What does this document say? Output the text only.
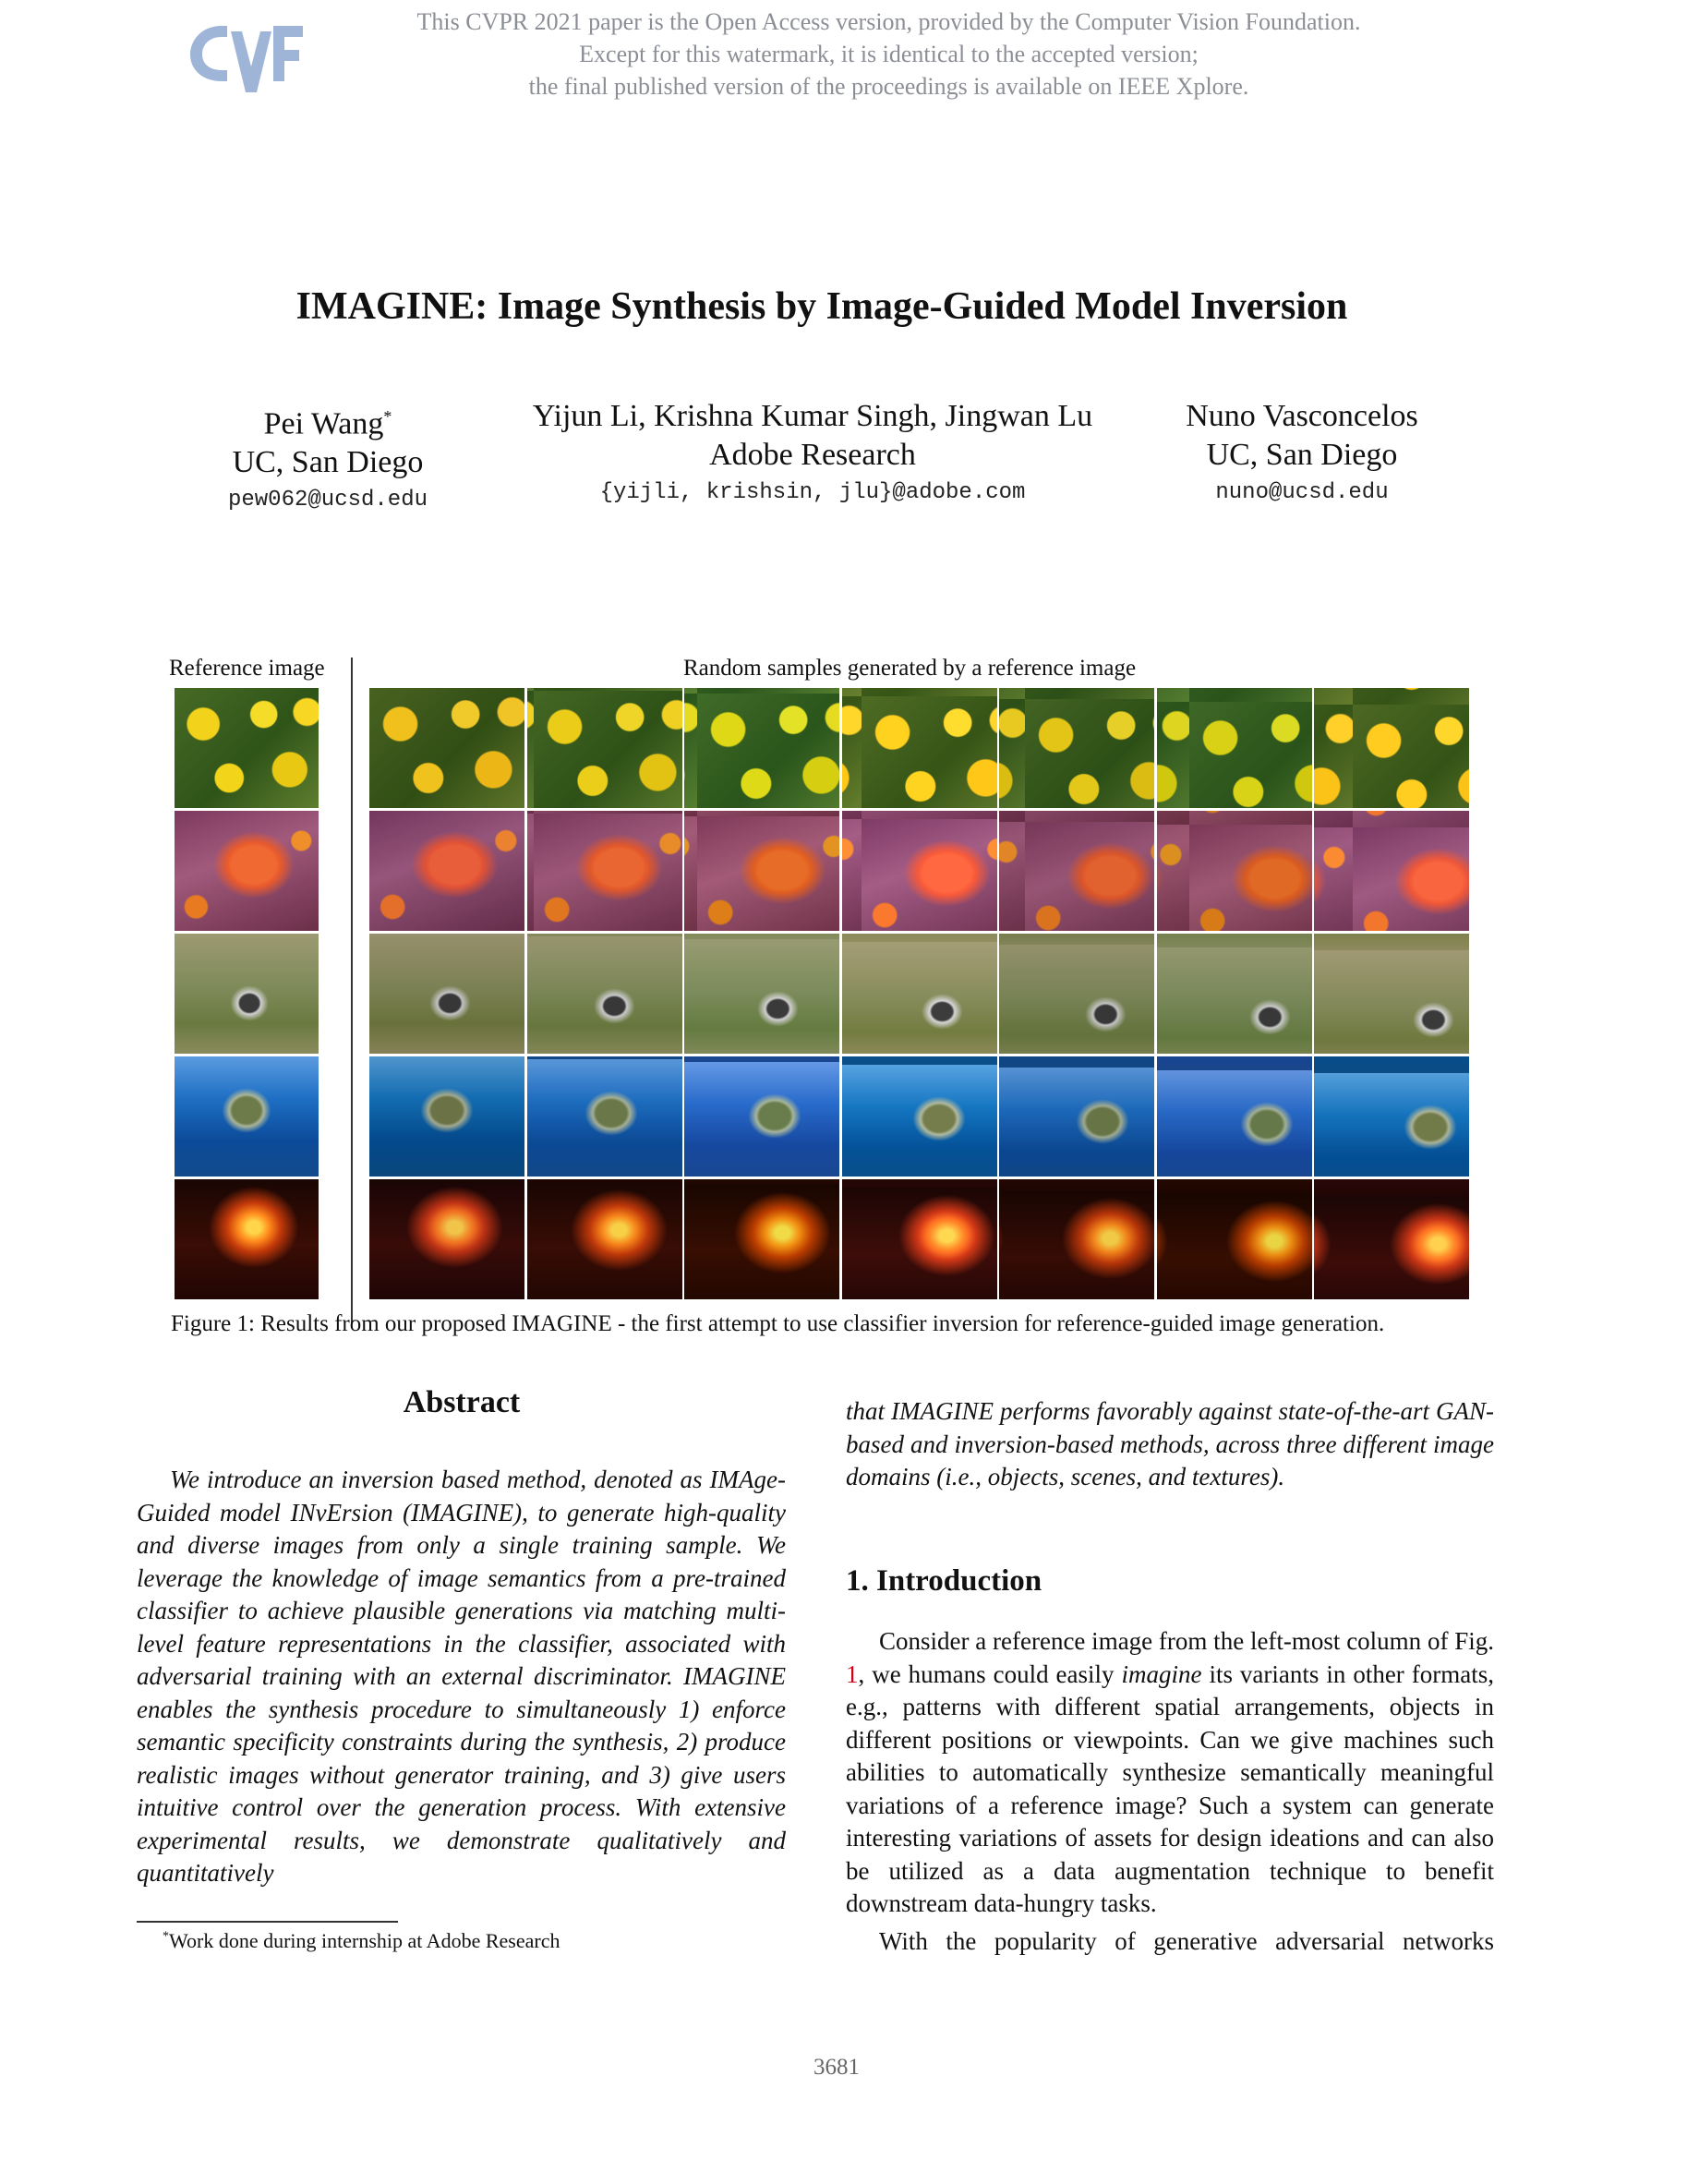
This CVPR 2021 paper is the Open Access version, provided by the Computer Vision Foundation.
Except for this watermark, it is identical to the accepted version;
the final published version of the proceedings is available on IEEE Xplore.
IMAGINE: Image Synthesis by Image-Guided Model Inversion
Pei Wang*
UC, San Diego
pew062@ucsd.edu
Yijun Li, Krishna Kumar Singh, Jingwan Lu
Adobe Research
{yijli, krishsin, jlu}@adobe.com
Nuno Vasconcelos
UC, San Diego
nuno@ucsd.edu
Reference image	Random samples generated by a reference image
Figure 1: Results from our proposed IMAGINE - the first attempt to use classifier inversion for reference-guided image generation.
Abstract
We introduce an inversion based method, denoted as IMAge-Guided model INvErsion (IMAGINE), to generate high-quality and diverse images from only a single training sample. We leverage the knowledge of image semantics from a pre-trained classifier to achieve plausible generations via matching multi-level feature representations in the classifier, associated with adversarial training with an external discriminator. IMAGINE enables the synthesis procedure to simultaneously 1) enforce semantic specificity constraints during the synthesis, 2) produce realistic images without generator training, and 3) give users intuitive control over the generation process. With extensive experimental results, we demonstrate qualitatively and quantitatively
that IMAGINE performs favorably against state-of-the-art GAN-based and inversion-based methods, across three different image domains (i.e., objects, scenes, and textures).
1. Introduction
Consider a reference image from the left-most column of Fig. 1, we humans could easily imagine its variants in other formats, e.g., patterns with different spatial arrangements, objects in different positions or viewpoints. Can we give machines such abilities to automatically synthesize semantically meaningful variations of a reference image? Such a system can generate interesting variations of assets for design ideations and can also be utilized as a data augmentation technique to benefit downstream data-hungry tasks.
With the popularity of generative adversarial networks
*Work done during internship at Adobe Research
3681
